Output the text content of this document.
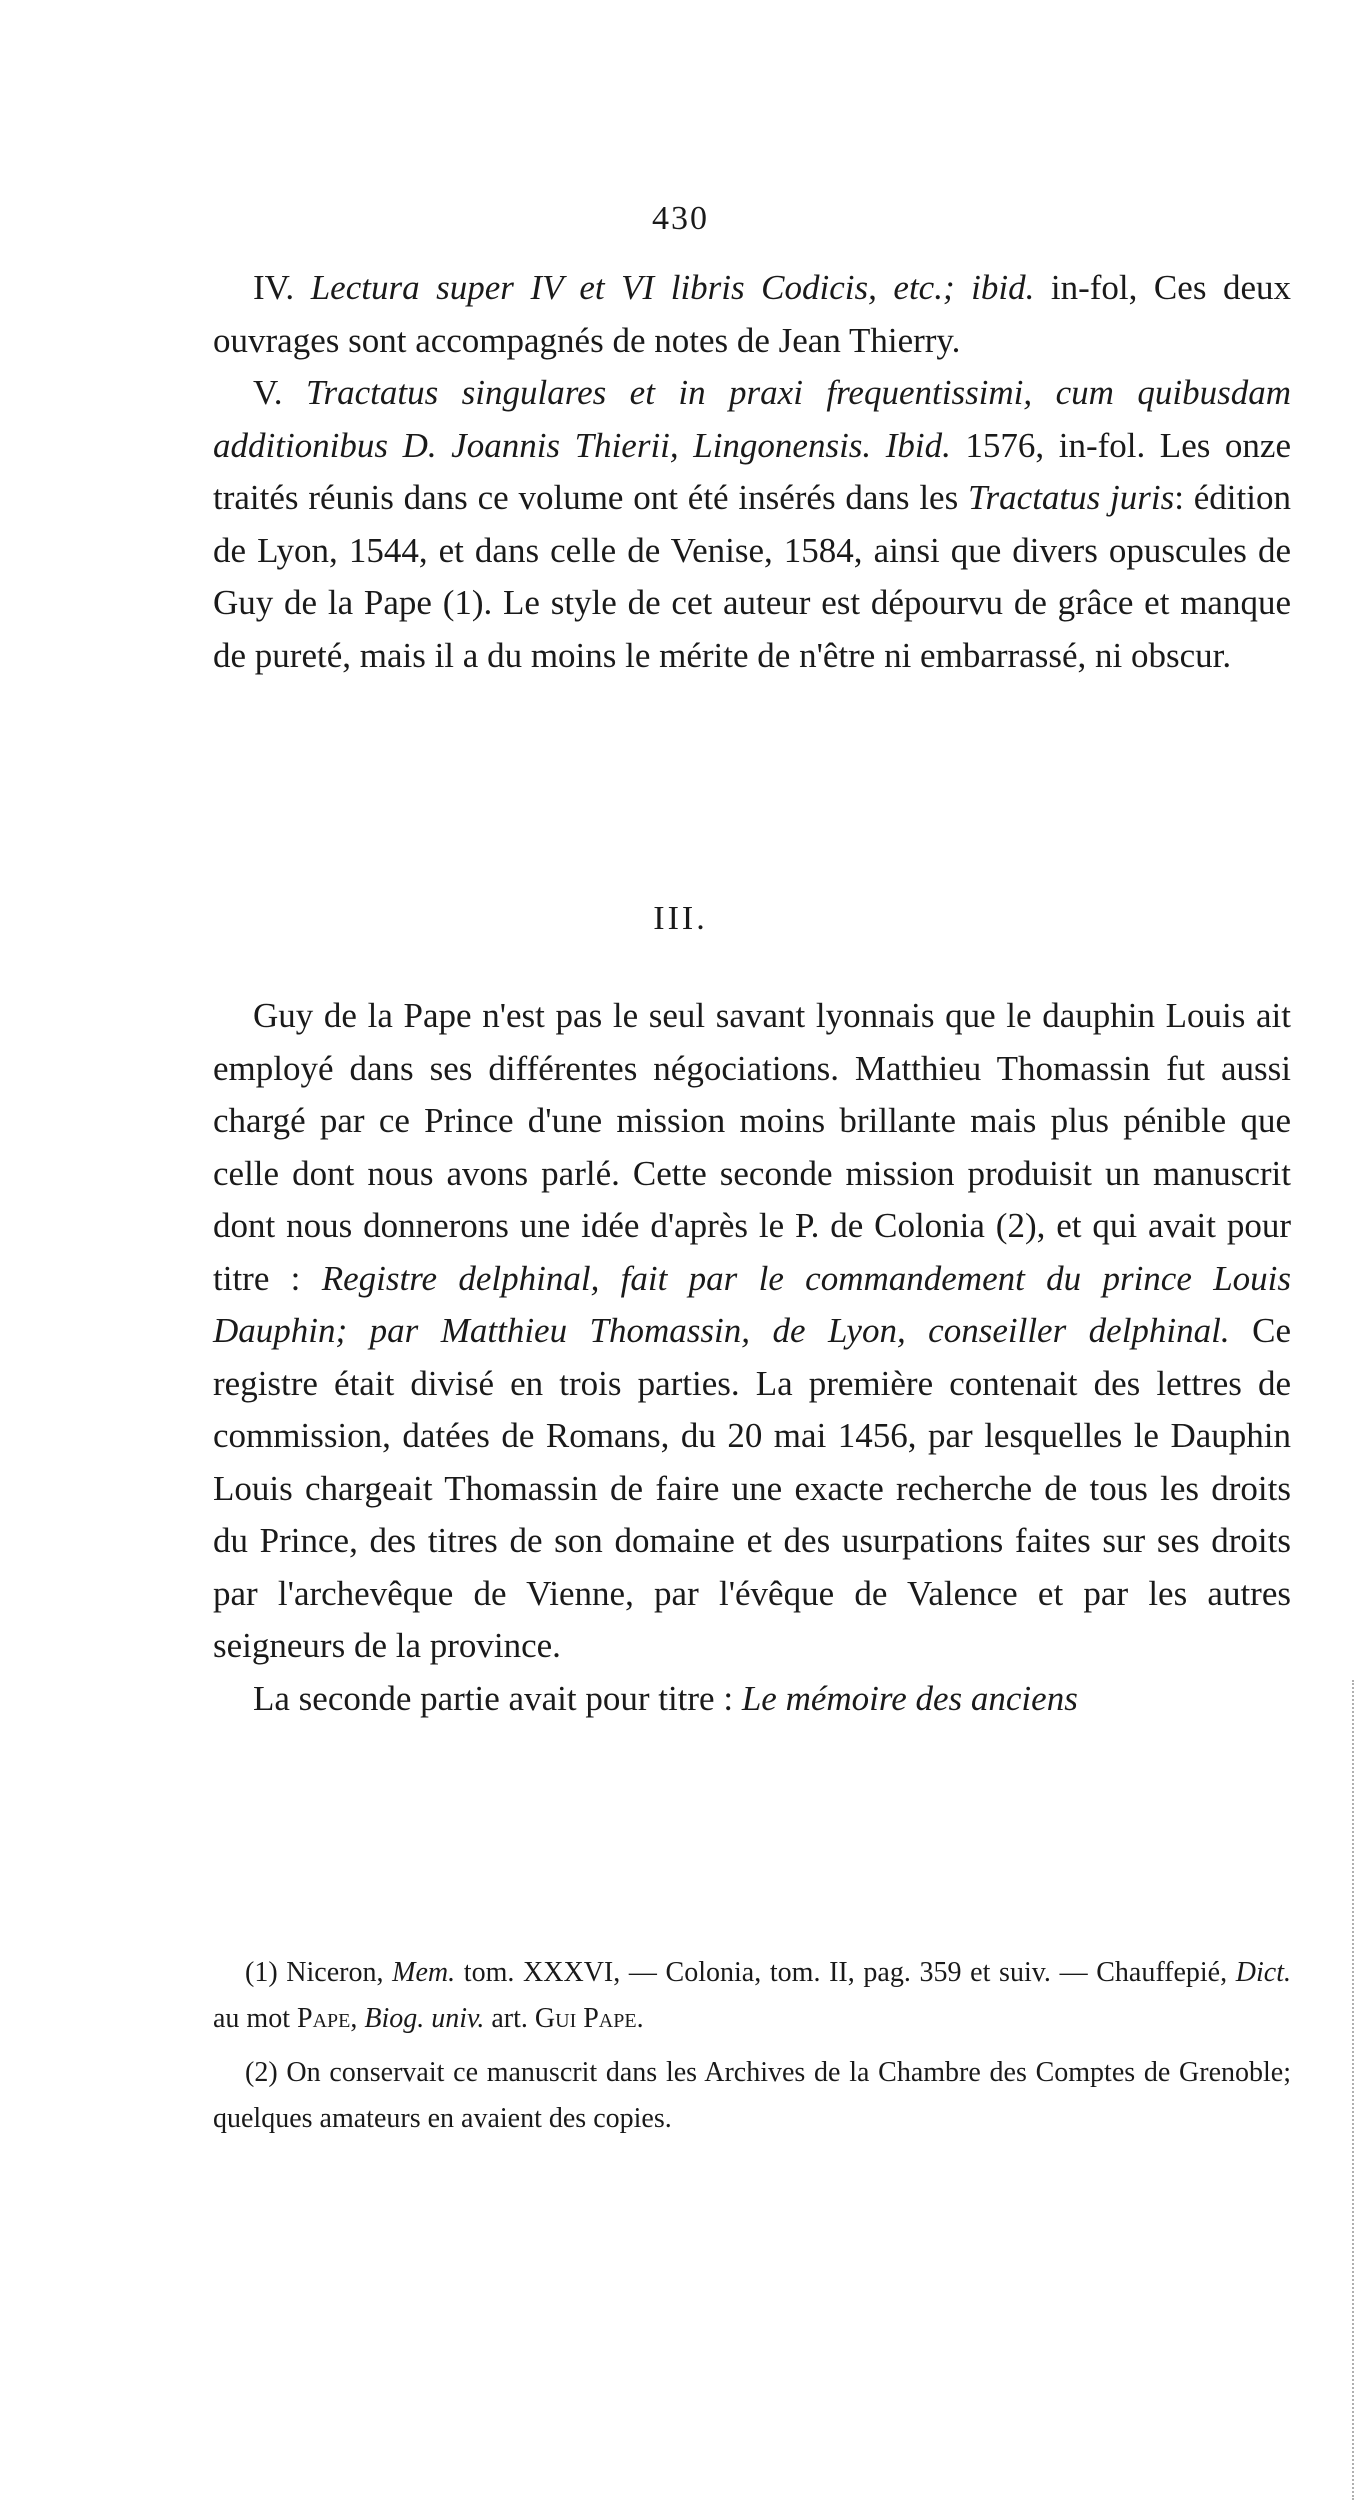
430

IV. Lectura super IV et VI libris Codicis, etc.; ibid. in-fol, Ces deux ouvrages sont accompagnés de notes de Jean Thierry.

V. Tractatus singulares et in praxi frequentissimi, cum quibusdam additionibus D. Joannis Thierii, Lingonensis. Ibid. 1576, in-fol. Les onze traités réunis dans ce volume ont été insérés dans les Tractatus juris: édition de Lyon, 1544, et dans celle de Venise, 1584, ainsi que divers opuscules de Guy de la Pape (1). Le style de cet auteur est dépourvu de grâce et manque de pureté, mais il a du moins le mérite de n'être ni embarrassé, ni obscur.

III.

Guy de la Pape n'est pas le seul savant lyonnais que le dauphin Louis ait employé dans ses différentes négociations. Matthieu Thomassin fut aussi chargé par ce Prince d'une mission moins brillante mais plus pénible que celle dont nous avons parlé. Cette seconde mission produisit un manuscrit dont nous donnerons une idée d'après le P. de Colonia (2), et qui avait pour titre : Registre delphinal, fait par le commandement du prince Louis Dauphin; par Matthieu Thomassin, de Lyon, conseiller delphinal. Ce registre était divisé en trois parties. La première contenait des lettres de commission, datées de Romans, du 20 mai 1456, par lesquelles le Dauphin Louis chargeait Thomassin de faire une exacte recherche de tous les droits du Prince, des titres de son domaine et des usurpations faites sur ses droits par l'archevêque de Vienne, par l'évêque de Valence et par les autres seigneurs de la province.

La seconde partie avait pour titre : Le mémoire des anciens

(1) Niceron, Mem. tom. XXXVI, — Colonia, tom. II, pag. 359 et suiv. — Chauffepié, Dict. au mot Pape, Biog. univ. art. Gui Pape.

(2) On conservait ce manuscrit dans les Archives de la Chambre des Comptes de Grenoble; quelques amateurs en avaient des copies.
